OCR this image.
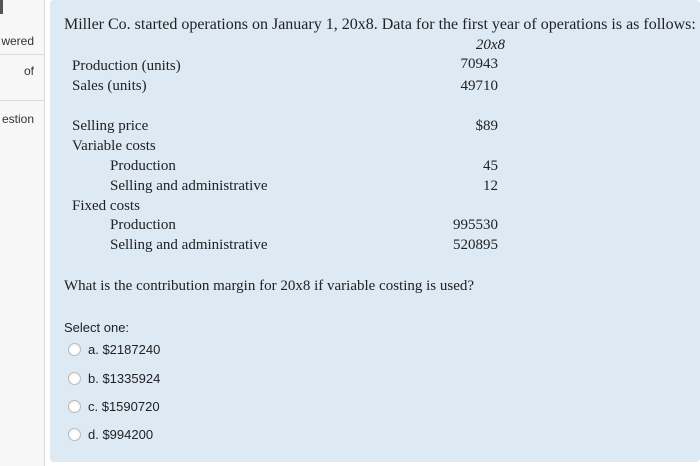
wered
of
estion
Miller Co. started operations on January 1, 20x8. Data for the first year of operations is as follows:
20x8
Production (units)	70943
Sales (units)	49710
Selling price	$89
Variable costs
Production	45
Selling and administrative	12
Fixed costs
Production	995530
Selling and administrative	520895
What is the contribution margin for 20x8 if variable costing is used?
Select one:
a. $2187240
b. $1335924
c. $1590720
d. $994200
